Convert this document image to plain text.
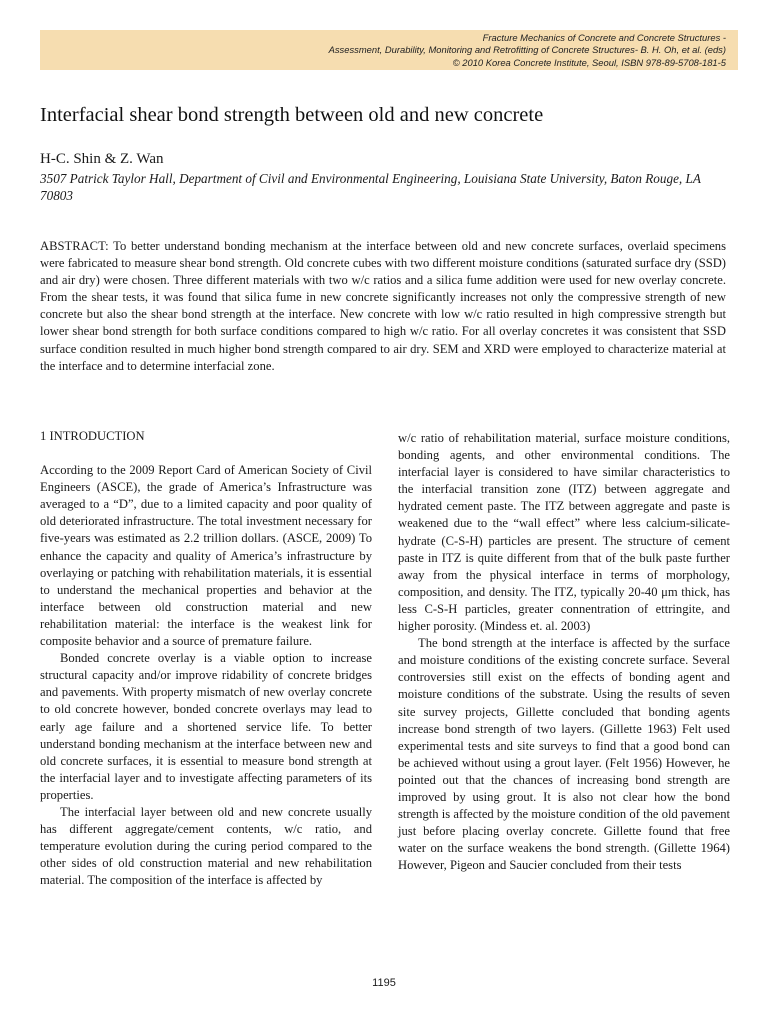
Fracture Mechanics of Concrete and Concrete Structures -
Assessment, Durability, Monitoring and Retrofitting of Concrete Structures- B. H. Oh, et al. (eds)
© 2010 Korea Concrete Institute, Seoul, ISBN 978-89-5708-181-5
Interfacial shear bond strength between old and new concrete
H-C. Shin & Z. Wan
3507 Patrick Taylor Hall, Department of Civil and Environmental Engineering, Louisiana State University, Baton Rouge, LA 70803
ABSTRACT: To better understand bonding mechanism at the interface between old and new concrete surfaces, overlaid specimens were fabricated to measure shear bond strength. Old concrete cubes with two different moisture conditions (saturated surface dry (SSD) and air dry) were chosen. Three different materials with two w/c ratios and a silica fume addition were used for new overlay concrete. From the shear tests, it was found that silica fume in new concrete significantly increases not only the compressive strength of new concrete but also the shear bond strength at the interface. New concrete with low w/c ratio resulted in high compressive strength but lower shear bond strength for both surface conditions compared to high w/c ratio. For all overlay concretes it was consistent that SSD surface condition resulted in much higher bond strength compared to air dry. SEM and XRD were employed to characterize material at the interface and to determine interfacial zone.
1 INTRODUCTION

According to the 2009 Report Card of American Society of Civil Engineers (ASCE), the grade of America’s Infrastructure was averaged to a “D”, due to a limited capacity and poor quality of old deteriorated infrastructure. The total investment necessary for five-years was estimated as 2.2 trillion dollars. (ASCE, 2009) To enhance the capacity and quality of America’s infrastructure by overlaying or patching with rehabilitation materials, it is essential to understand the mechanical properties and behavior at the interface between old construction material and new rehabilitation material: the interface is the weakest link for composite behavior and a source of premature failure.

Bonded concrete overlay is a viable option to increase structural capacity and/or improve ridability of concrete bridges and pavements. With property mismatch of new overlay concrete to old concrete however, bonded concrete overlays may lead to early age failure and a shortened service life. To better understand bonding mechanism at the interface between new and old concrete surfaces, it is essential to measure bond strength at the interfacial layer and to investigate affecting parameters of its properties.

The interfacial layer between old and new concrete usually has different aggregate/cement contents, w/c ratio, and temperature evolution during the curing period compared to the other sides of old construction material and new rehabilitation material. The composition of the interface is affected by

w/c ratio of rehabilitation material, surface moisture conditions, bonding agents, and other environmental conditions. The interfacial layer is considered to have similar characteristics to the interfacial transition zone (ITZ) between aggregate and hydrated cement paste. The ITZ between aggregate and paste is weakened due to the “wall effect” where less calcium-silicate-hydrate (C-S-H) particles are present. The structure of cement paste in ITZ is quite different from that of the bulk paste further away from the physical interface in terms of morphology, composition, and density. The ITZ, typically 20-40 μm thick, has less C-S-H particles, greater connentration of ettringite, and higher porosity. (Mindess et. al. 2003)

The bond strength at the interface is affected by the surface and moisture conditions of the existing concrete surface. Several controversies still exist on the effects of bonding agent and moisture conditions of the substrate. Using the results of seven site survey projects, Gillette concluded that bonding agents increase bond strength of two layers. (Gillette 1963) Felt used experimental tests and site surveys to find that a good bond can be achieved without using a grout layer. (Felt 1956) However, he pointed out that the chances of increasing bond strength are improved by using grout. It is also not clear how the bond strength is affected by the moisture condition of the old pavement just before placing overlay concrete. Gillette found that free water on the surface weakens the bond strength. (Gillette 1964) However, Pigeon and Saucier concluded from their tests

1195
